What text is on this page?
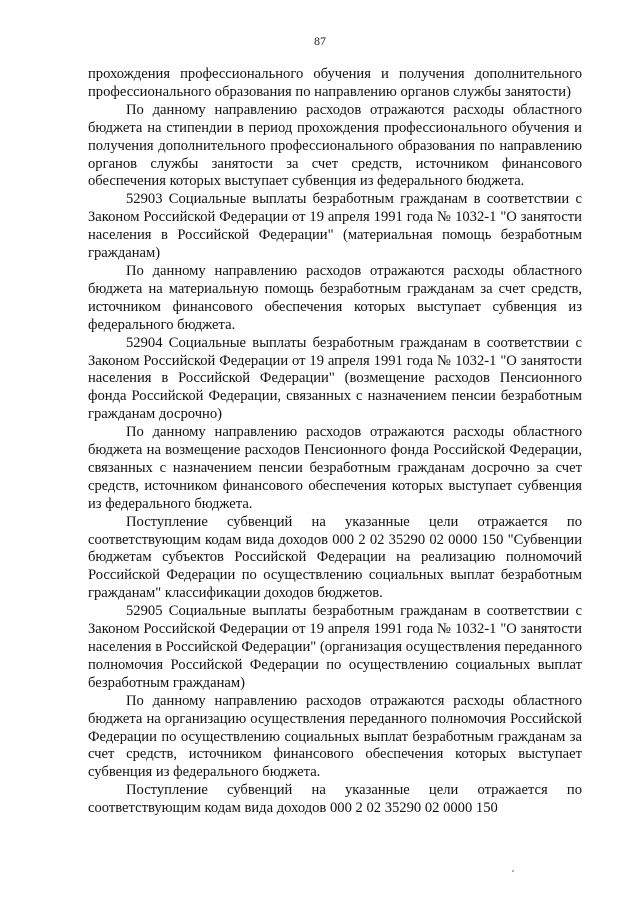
87

прохождения профессионального обучения и получения дополнительного профессионального образования по направлению органов службы занятости)

По данному направлению расходов отражаются расходы областного бюджета на стипендии в период прохождения профессионального обучения и получения дополнительного профессионального образования по направлению органов службы занятости за счет средств, источником финансового обеспечения которых выступает субвенция из федерального бюджета.

52903 Социальные выплаты безработным гражданам в соответствии с Законом Российской Федерации от 19 апреля 1991 года № 1032-1 "О занятости населения в Российской Федерации" (материальная помощь безработным гражданам)

По данному направлению расходов отражаются расходы областного бюджета на материальную помощь безработным гражданам за счет средств, источником финансового обеспечения которых выступает субвенция из федерального бюджета.

52904 Социальные выплаты безработным гражданам в соответствии с Законом Российской Федерации от 19 апреля 1991 года № 1032-1 "О занятости населения в Российской Федерации" (возмещение расходов Пенсионного фонда Российской Федерации, связанных с назначением пенсии безработным гражданам досрочно)

По данному направлению расходов отражаются расходы областного бюджета на возмещение расходов Пенсионного фонда Российской Федерации, связанных с назначением пенсии безработным гражданам досрочно за счет средств, источником финансового обеспечения которых выступает субвенция из федерального бюджета.

Поступление субвенций на указанные цели отражается по соответствующим кодам вида доходов 000 2 02 35290 02 0000 150 "Субвенции бюджетам субъектов Российской Федерации на реализацию полномочий Российской Федерации по осуществлению социальных выплат безработным гражданам" классификации доходов бюджетов.

52905 Социальные выплаты безработным гражданам в соответствии с Законом Российской Федерации от 19 апреля 1991 года № 1032-1 "О занятости населения в Российской Федерации" (организация осуществления переданного полномочия Российской Федерации по осуществлению социальных выплат безработным гражданам)

По данному направлению расходов отражаются расходы областного бюджета на организацию осуществления переданного полномочия Российской Федерации по осуществлению социальных выплат безработным гражданам за счет средств, источником финансового обеспечения которых выступает субвенция из федерального бюджета.

Поступление субвенций на указанные цели отражается по соответствующим кодам вида доходов 000 2 02 35290 02 0000 150
